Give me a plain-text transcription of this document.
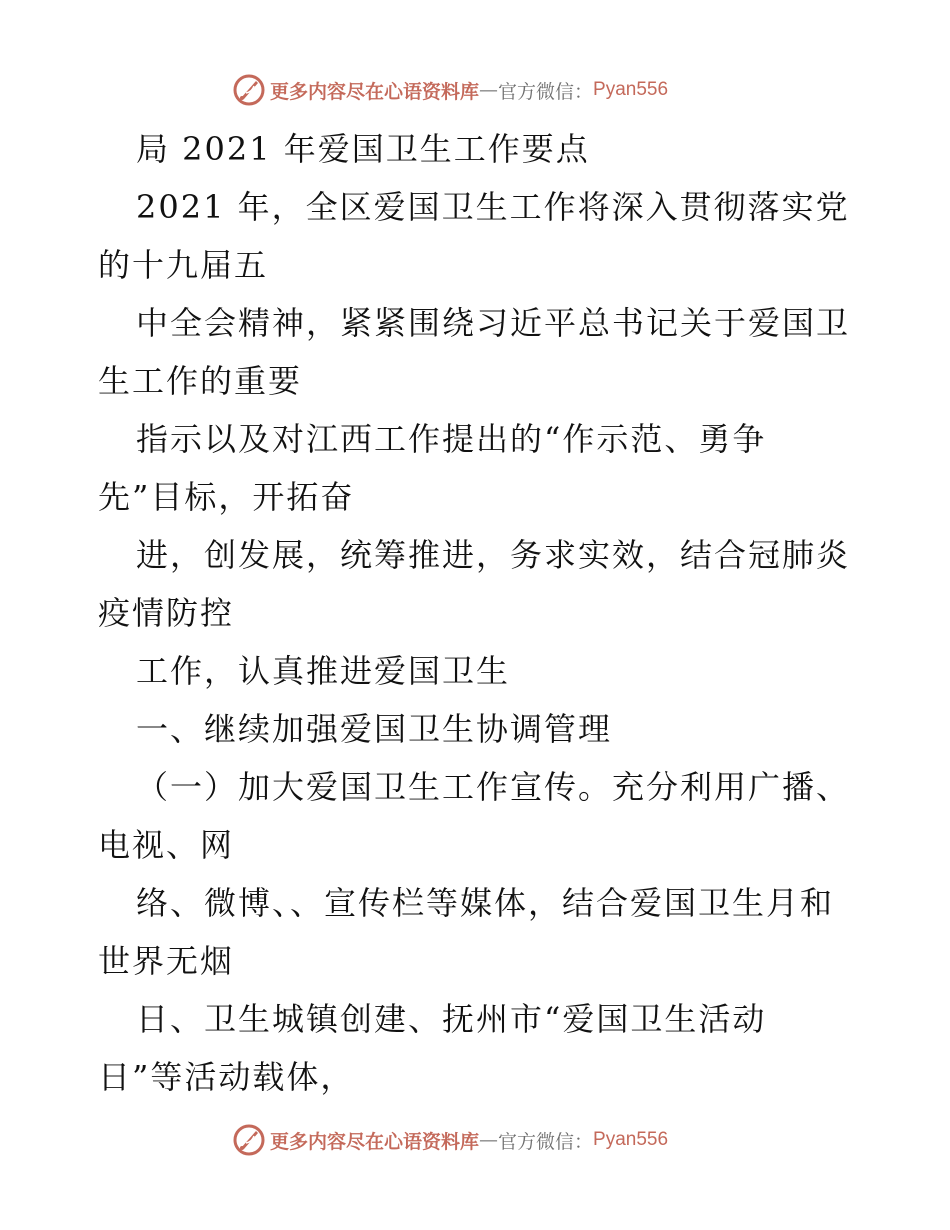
更多内容尽在心语资料库 — 官方微信： Pyan556
局 2021 年爱国卫生工作要点
2021 年，全区爱国卫生工作将深入贯彻落实党
的十九届五
中全会精神，紧紧围绕习近平总书记关于爱国卫
生工作的重要
指示以及对江西工作提出的“作示范、勇争
先”目标，开拓奋
进，创发展，统筹推进，务求实效，结合冠肺炎
疫情防控
工作，认真推进爱国卫生
一、继续加强爱国卫生协调管理
（一）加大爱国卫生工作宣传。充分利用广播、
电视、网
络、微博、、宣传栏等媒体，结合爱国卫生月和
世界无烟
日、卫生城镇创建、抚州市“爱国卫生活动
日”等活动载体，
更多内容尽在心语资料库 — 官方微信： Pyan556
